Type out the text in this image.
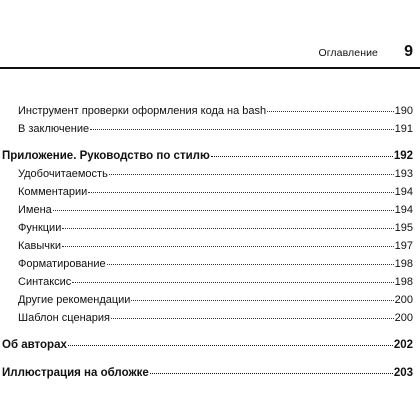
Оглавление 9
Инструмент проверки оформления кода на bash	190
В заключение	191
Приложение. Руководство по стилю	192
Удобочитаемость	193
Комментарии	194
Имена	194
Функции	195
Кавычки	197
Форматирование	198
Синтаксис	198
Другие рекомендации	200
Шаблон сценария	200
Об авторах	202
Иллюстрация на обложке	203
